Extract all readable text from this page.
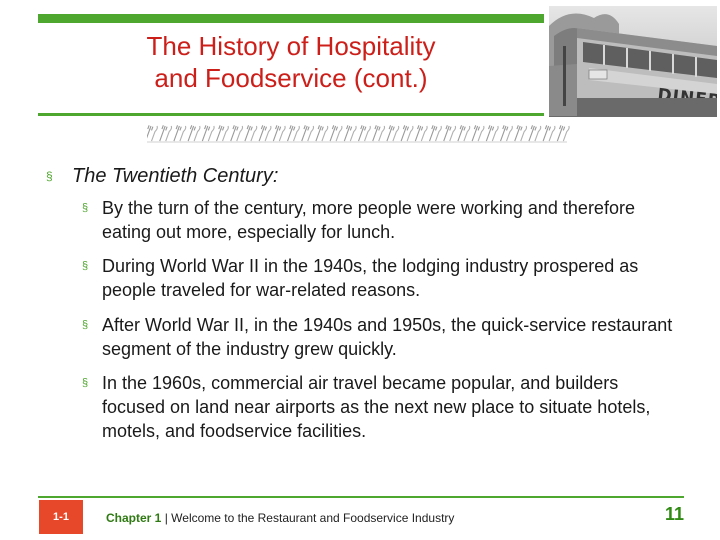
The History of Hospitality
and Foodservice (cont.)
§ The Twentieth Century:
§ By the turn of the century, more people were working and therefore eating out more, especially for lunch.
§ During World War II in the 1940s, the lodging industry prospered as people traveled for war-related reasons.
§ After World War II, in the 1940s and 1950s, the quick-service restaurant segment of the industry grew quickly.
§ In the 1960s, commercial air travel became popular, and builders focused on land near airports as the next new place to situate hotels, motels, and foodservice facilities.
1-1	Chapter 1 | Welcome to the Restaurant and Foodservice Industry	11
